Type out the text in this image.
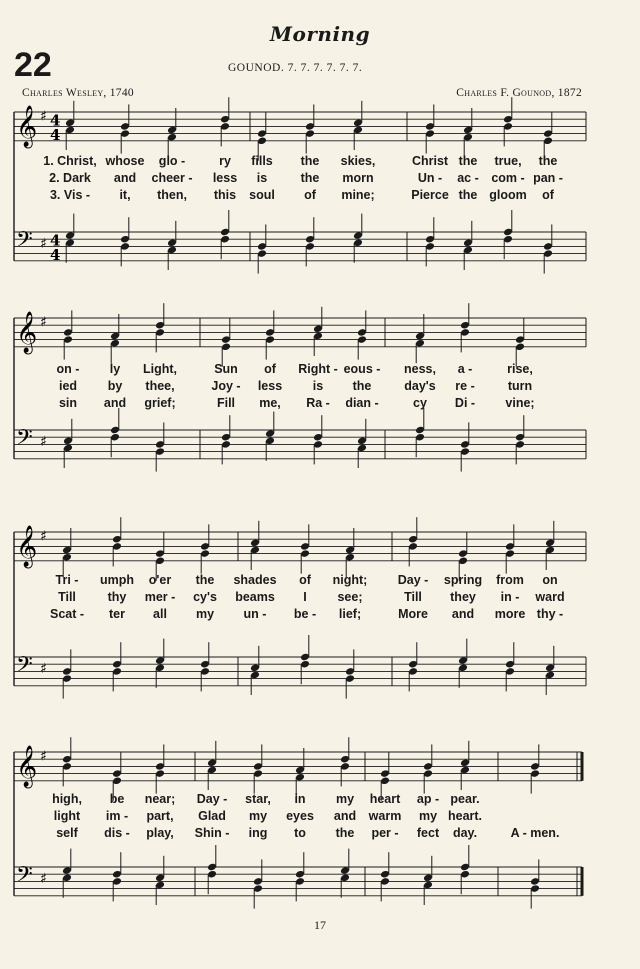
22
Morning
GOUNOD. 7. 7. 7. 7. 7. 7.
Charles Wesley, 1740	Charles F. Gounod, 1872
𝄞 ♯ 4
4
𝄢 ♯ 4
4
𝄞 ♯
𝄢 ♯
𝄞 ♯
𝄢 ♯
𝄞 ♯
𝄢 ♯
1. Christ, whose glo -	ry fills the skies,	Christ the true, the
2. Dark and cheer - less is	the morn	Un - ac - com - pan -
3. Vis - it, then, this soul of mine;	Pierce the gloom of
on - ly Light,	Sun of Right - eous - ness, a -	rise,
ied by thee,	Joy - less is the	day's re -	turn
sin and grief;	Fill me, Ra - dian -	cy Di - vine;
Tri - umph o'er the shades of night; Day - spring from on
Till	thy mer - cy's beams I see;	Till they in - ward
Scat - ter all my un - be - lief;	More and more thy -
high, be near; Day - star, in my heart ap - pear.
light im - part, Glad my eyes and warm my heart.
self dis - play, Shin - ing to the per - fect day.	A - men.
17
